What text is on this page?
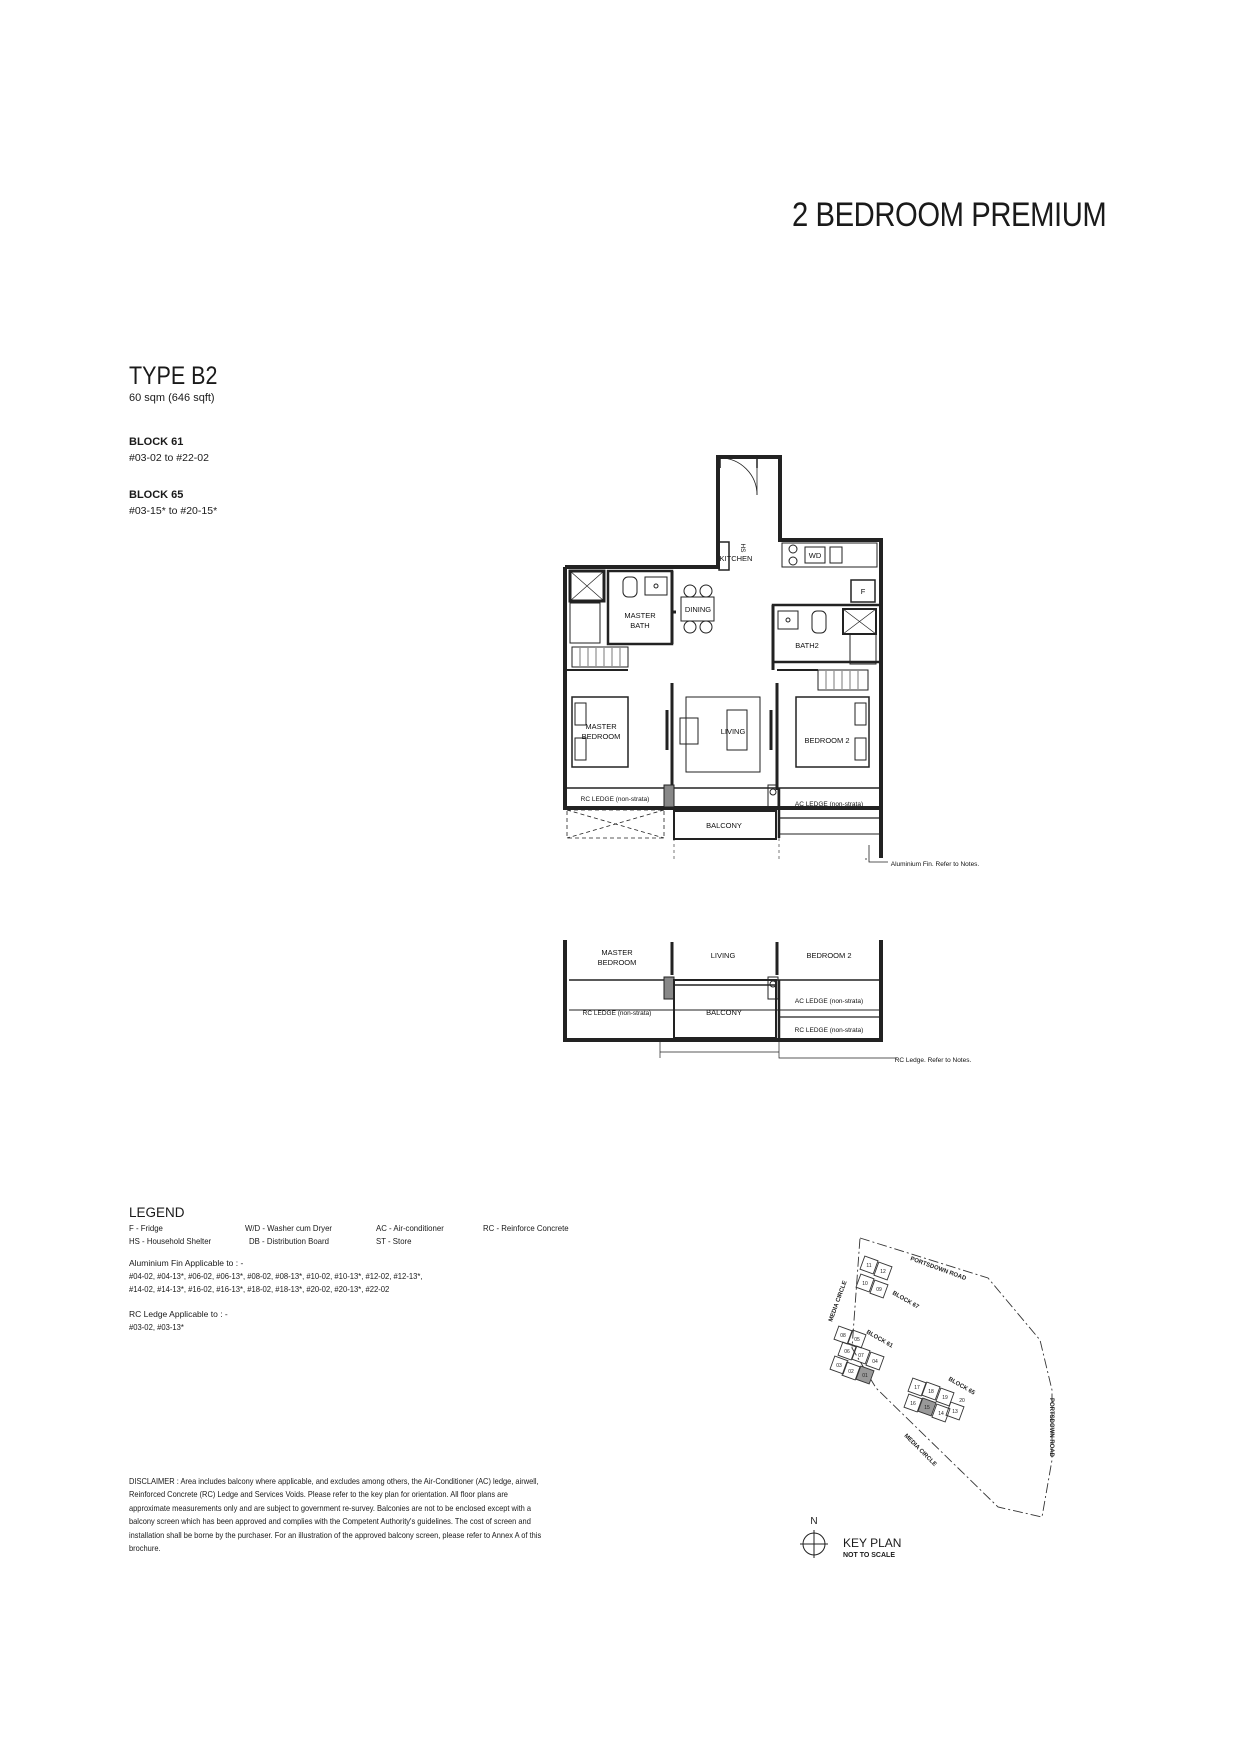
2 BEDROOM PREMIUM
TYPE B2
60 sqm (646 sqft)
BLOCK 61
#03-02 to #22-02
BLOCK 65
#03-15* to #20-15*
KITCHEN	WD
F
MASTER
BATH
DINING
BATH2
MASTER
BEDROOM
LIVING
BEDROOM 2
RC LEDGE (non-strata)
BALCONY
AC LEDGE (non-strata)
HS
Aluminium Fin. Refer to Notes.
MASTER
BEDROOM
LIVING	BEDROOM 2
RC LEDGE (non-strata)	BALCONY
AC LEDGE (non-strata)
RC LEDGE (non-strata)
RC Ledge. Refer to Notes.
LEGEND
F - Fridge	W/D - Washer cum Dryer	AC - Air-conditioner	RC - Reinforce Concrete
HS - Household Shelter	DB - Distribution Board	ST - Store
Aluminium Fin Applicable to : -
#04-02, #04-13*, #06-02, #06-13*, #08-02, #08-13*, #10-02, #10-13*, #12-02, #12-13*,
#14-02, #14-13*, #16-02, #16-13*, #18-02, #18-13*, #20-02, #20-13*, #22-02
RC Ledge Applicable to : -
#03-02, #03-13*
DISCLAIMER : Area includes balcony where applicable, and excludes among others, the Air-Conditioner (AC) ledge, airwell, Reinforced Concrete (RC) Ledge and Services Voids. Please refer to the key plan for orientation. All floor plans are approximate measurements only and are subject to government re-survey. Balconies are not to be enclosed except with a balcony screen which has been approved and complies with the Competent Authority's guidelines. The cost of screen and installation shall be borne by the purchaser. For an illustration of the approved balcony screen, please refer to Annex A of this brochure.
PORTSDOWN ROAD
PORTSDOWN ROAD
MEDIA CIRCLE
MEDIA CIRCLE
BLOCK 67
BLOCK 61
BLOCK 65
11
12
10
09
08
05
06
07
03
04
02
01
17
16
18
14
15
13
19 20
N
KEY PLAN
NOT TO SCALE
